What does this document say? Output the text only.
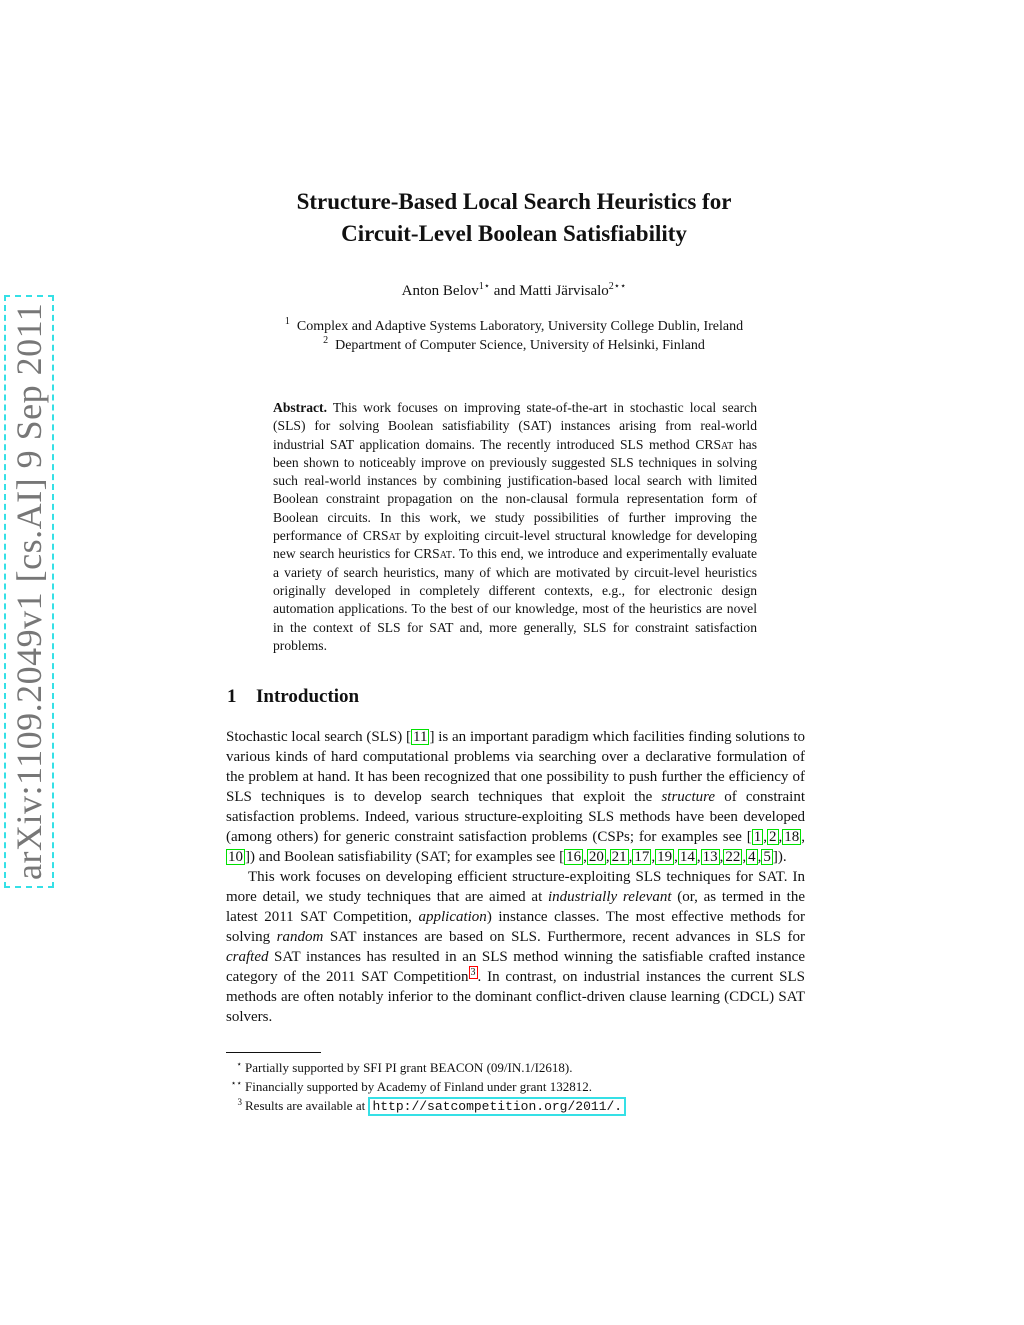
arXiv:1109.2049v1 [cs.AI] 9 Sep 2011
Structure-Based Local Search Heuristics for
Circuit-Level Boolean Satisfiability
Anton Belov$^{1⋆}$ and Matti Järvisalo$^{2⋆⋆}$
$^1$ Complex and Adaptive Systems Laboratory, University College Dublin, Ireland
$^2$ Department of Computer Science, University of Helsinki, Finland

Abstract. This work focuses on improving state-of-the-art in stochastic local search (SLS) for solving Boolean satisfiability (SAT) instances arising from real-world industrial SAT application domains. The recently introduced SLS method CRSat has been shown to noticeably improve on previously suggested SLS techniques in solving such real-world instances by combining justification-based local search with limited Boolean constraint propagation on the non-clausal formula representation form of Boolean circuits. In this work, we study possibilities of further improving the performance of CRSat by exploiting circuit-level structural knowledge for developing new search heuristics for CRSat. To this end, we introduce and experimentally evaluate a variety of search heuristics, many of which are motivated by circuit-level heuristics originally developed in completely different contexts, e.g., for electronic design automation applications. To the best of our knowledge, most of the heuristics are novel in the context of SLS for SAT and, more generally, SLS for constraint satisfaction problems.

1 Introduction

Stochastic local search (SLS) [ 11 ] is an important paradigm which facilities finding solutions to various kinds of hard computational problems via searching over a declarative formulation of the problem at hand. It has been recognized that one possibility to push further the efficiency of SLS techniques is to develop search techniques that exploit the structure of constraint satisfaction problems. Indeed, various structure-exploiting SLS methods have been developed (among others) for generic constraint satisfaction problems (CSPs; for examples see [ 1 , 2 , 18 ,10 ]) and Boolean satisfiability (SAT; for examples see [ 16 , 20 , 21 , 17 , 19 , 14 , 13 , 22 , 4 , 5 ]).

This work focuses on developing efficient structure-exploiting SLS techniques for SAT. In more detail, we study techniques that are aimed at industrially relevant (or, as termed in the latest 2011 SAT Competition, application) instance classes. The most effective methods for solving random SAT instances are based on SLS. Furthermore, recent advances in SLS for crafted SAT instances has resulted in an SLS method winning the satisfiable crafted instance category of the 2011 SAT Competition $^3$ . In contrast, on industrial instances the current SLS methods are often notably inferior to the dominant conflict-driven clause learning (CDCL) SAT solvers.

⋆ Partially supported by SFI PI grant BEACON (09/IN.1/I2618).
⋆⋆ Financially supported by Academy of Finland under grant 132812.
3 Results are available at http://satcompetition.org/2011/.
